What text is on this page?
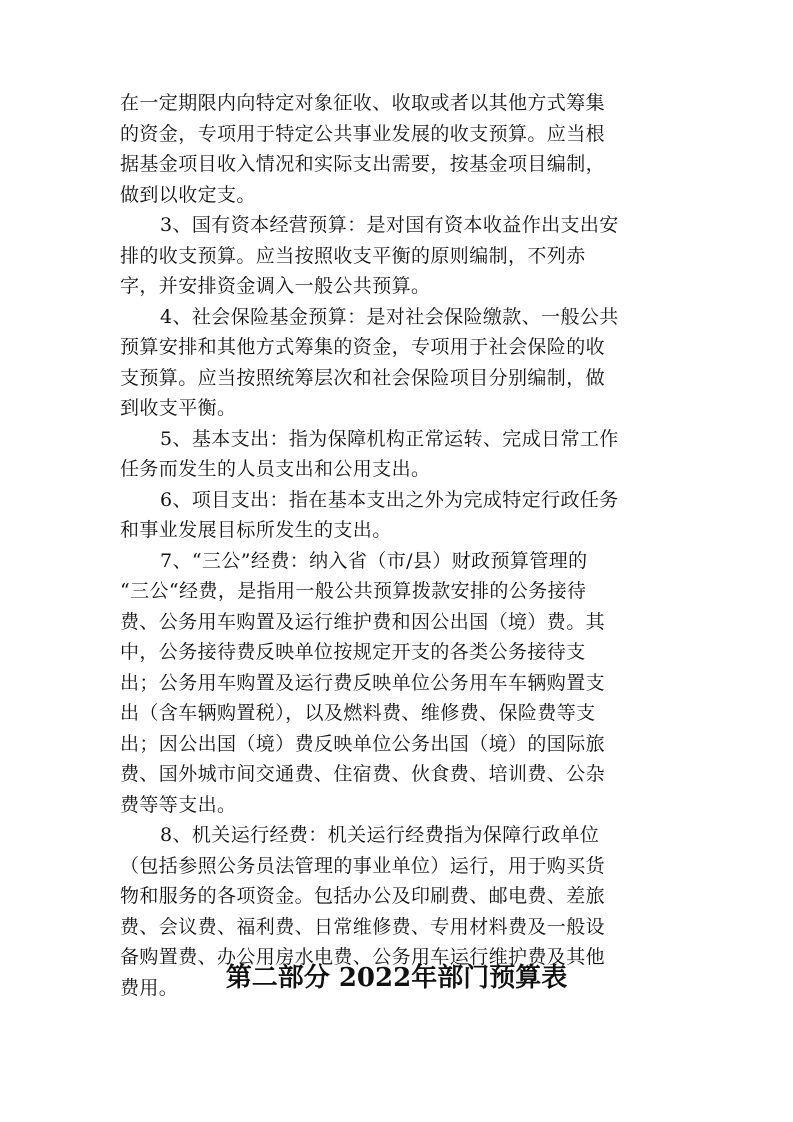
在一定期限内向特定对象征收、收取或者以其他方式筹集
的资金，专项用于特定公共事业发展的收支预算。应当根
据基金项目收入情况和实际支出需要，按基金项目编制，
做到以收定支。
3、国有资本经营预算：是对国有资本收益作出支出安
排的收支预算。应当按照收支平衡的原则编制，不列赤
字，并安排资金调入一般公共预算。
4、社会保险基金预算：是对社会保险缴款、一般公共
预算安排和其他方式筹集的资金，专项用于社会保险的收
支预算。应当按照统筹层次和社会保险项目分别编制，做
到收支平衡。
5、基本支出：指为保障机构正常运转、完成日常工作
任务而发生的人员支出和公用支出。
6、项目支出：指在基本支出之外为完成特定行政任务
和事业发展目标所发生的支出。
7、“三公”经费：纳入省（市/县）财政预算管理的
“三公“经费，是指用一般公共预算拨款安排的公务接待
费、公务用车购置及运行维护费和因公出国（境）费。其
中，公务接待费反映单位按规定开支的各类公务接待支
出；公务用车购置及运行费反映单位公务用车车辆购置支
出（含车辆购置税），以及燃料费、维修费、保险费等支
出；因公出国（境）费反映单位公务出国（境）的国际旅
费、国外城市间交通费、住宿费、伙食费、培训费、公杂
费等等支出。
8、机关运行经费：机关运行经费指为保障行政单位
（包括参照公务员法管理的事业单位）运行，用于购买货
物和服务的各项资金。包括办公及印刷费、邮电费、差旅
费、会议费、福利费、日常维修费、专用材料费及一般设
备购置费、办公用房水电费、公务用车运行维护费及其他
费用。	第二部分 2022年部门预算表
